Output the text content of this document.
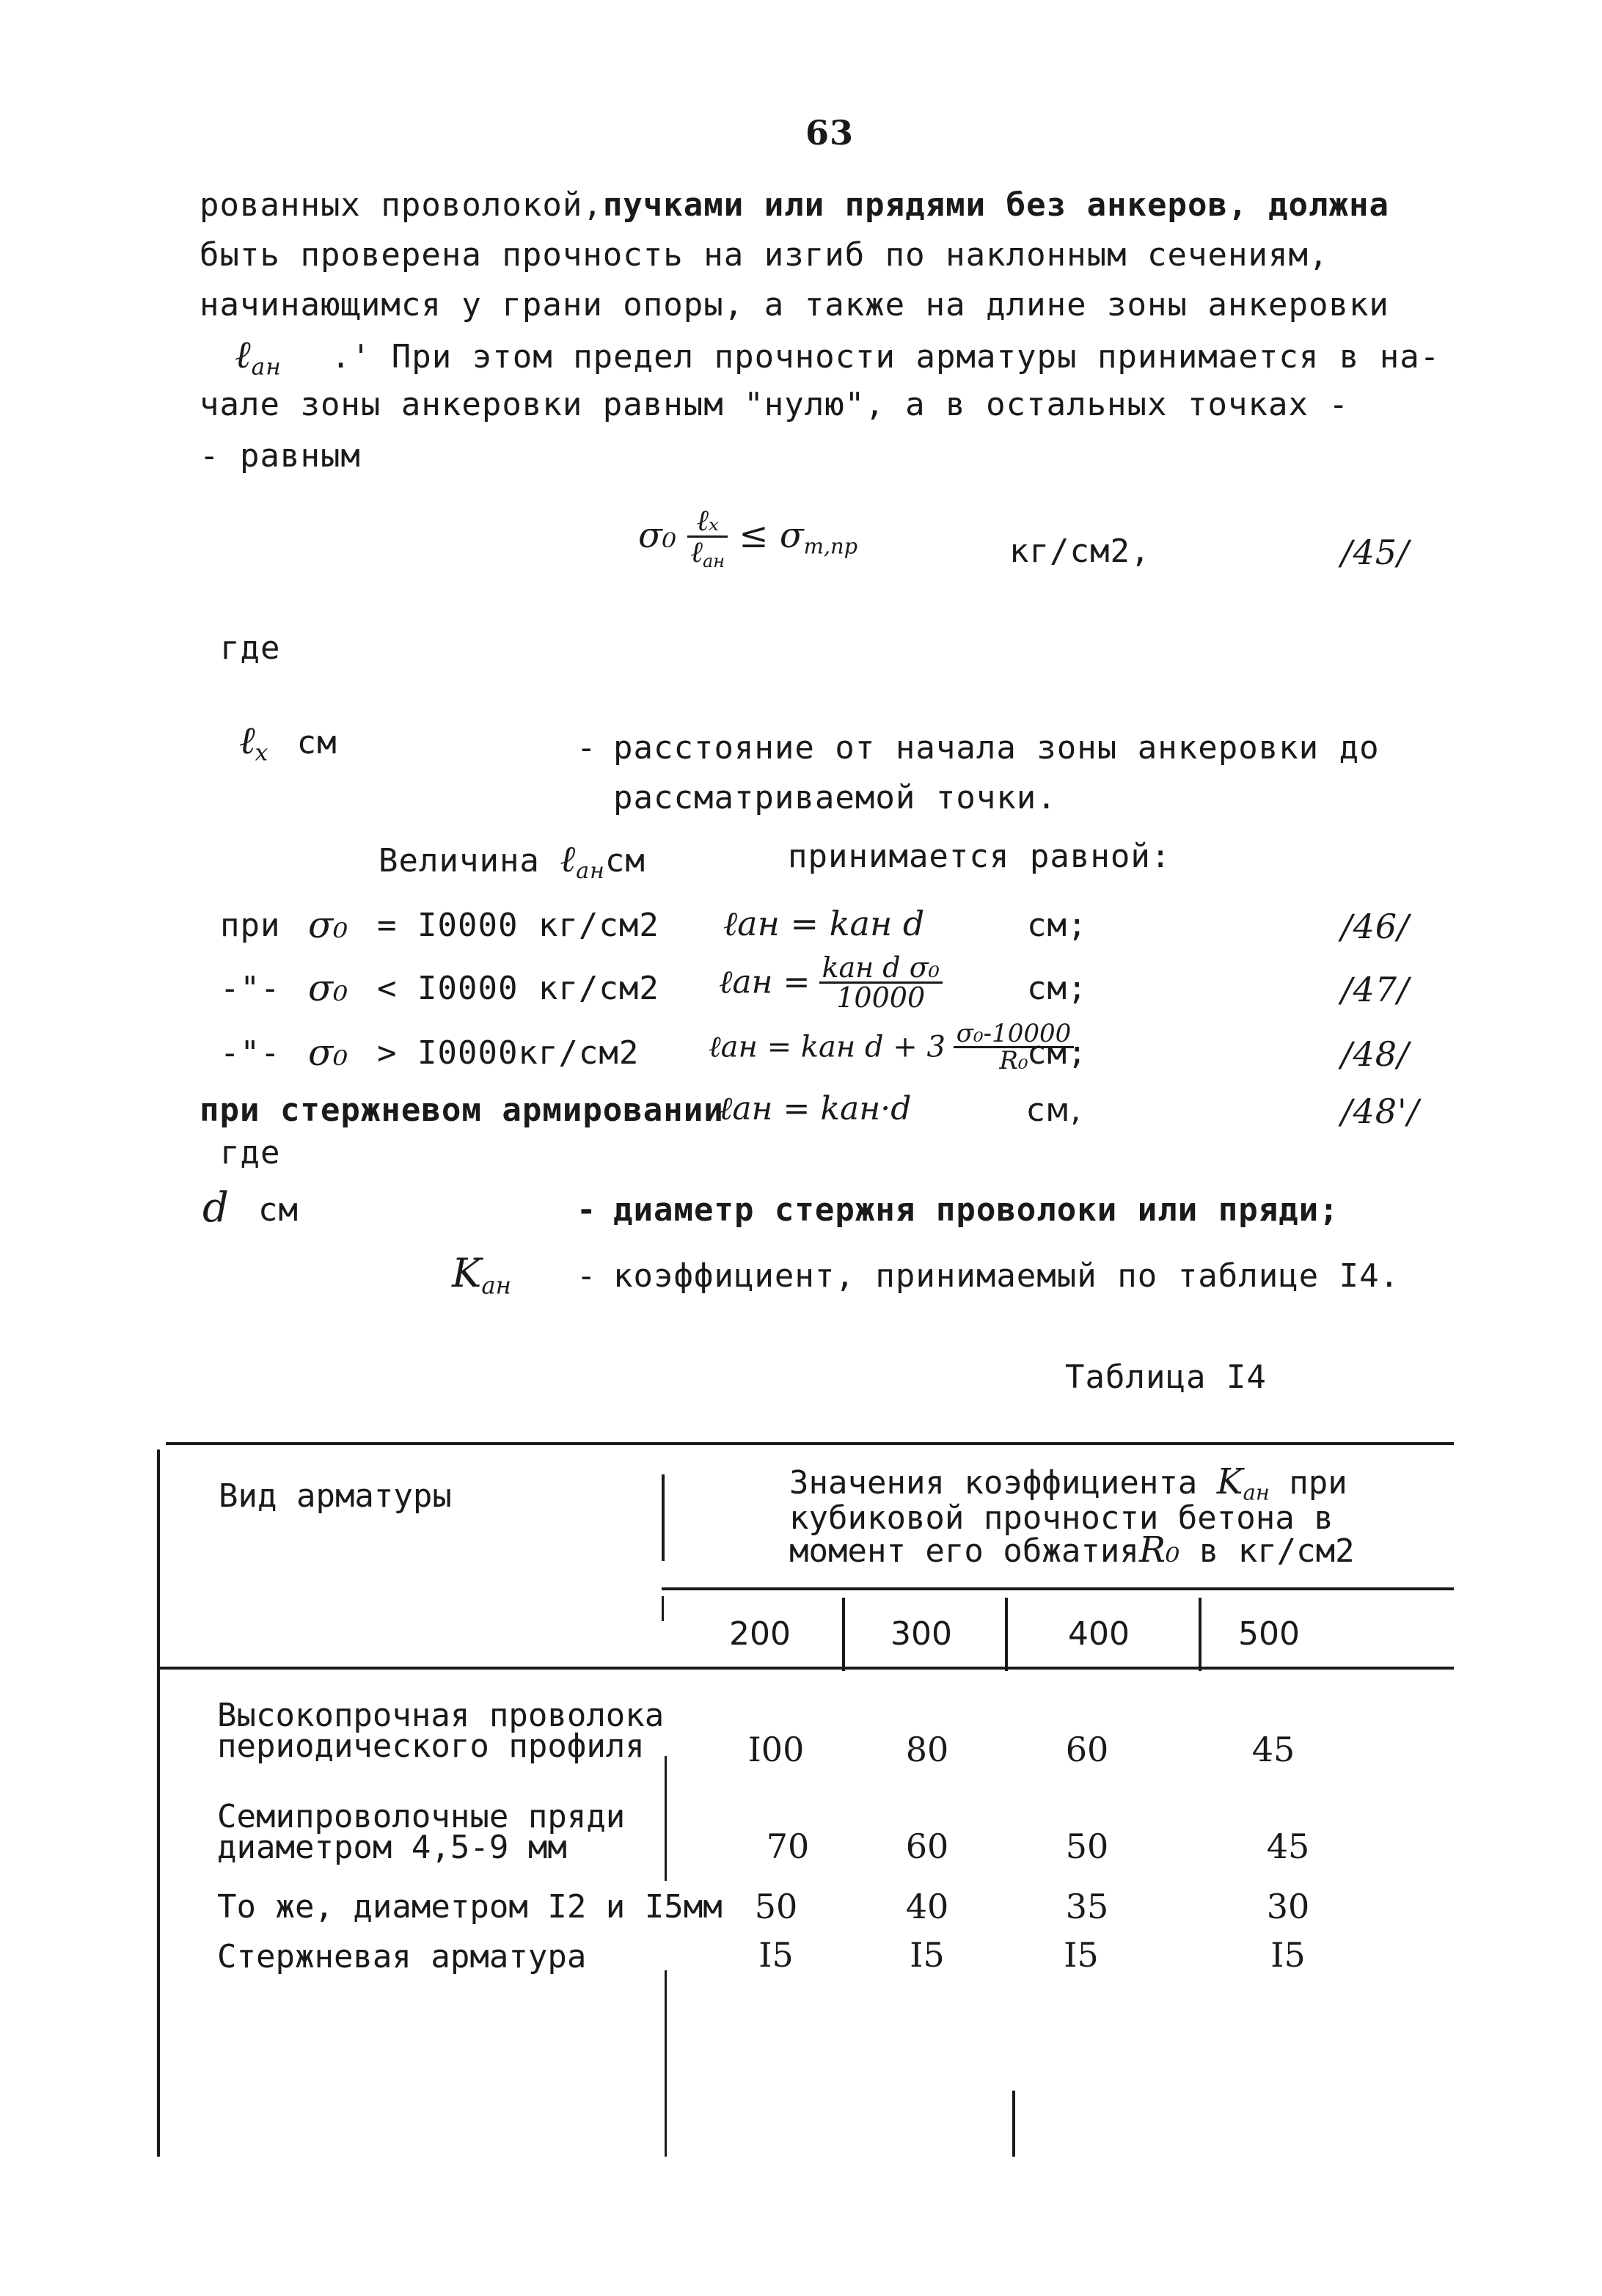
63
рованных проволокой,пучками или прядями без анкеров, должна
быть проверена прочность на изгиб по наклонным сечениям,
начинающимся у грани опоры, а также на длине зоны анкеровки
ℓ$_{ан}$ .' При этом предел прочности арматуры принимается в на-
чале зоны анкеровки равным "нулю", а в остальных точках -
- равным
$\sigma_0 \frac{\text{ℓₓ}}{\ell_{ан}} \le \sigma_{т,пр}$	кг/см2,	/45/
где
ℓ$_x$ см	- расстояние от начала зоны анкеровки до
рассматриваемой точки.
Величина ℓ$_{ан}$см	принимается равной:
при σ₀ = I0000 кг/см2 ℓан = kан d	см;	/46/
-"- σ₀ < I0000 кг/см2 ℓан = $\frac{\text{kан d σ₀}}{10000}$	см;	/47/
-"- σ₀ > I0000кг/см2 ℓан = kан $d + 3 \frac{\text{σ₀-10000}}{\text{R₀}}$
см;	/48/
при стержневом армировании
ℓан = kан·d	см,	/48'/
где
d см	- диаметр стержня проволоки или пряди;
$K_{ан}$ - коэффициент, принимаемый по таблице I4.
Таблица I4
Вид арматуры	Значения коэффициента $K_{ан}$ при
кубиковой прочности бетона в
момент его обжатияR₀ в кг/см2
200	300	400	500
Высокопрочная проволока
периодического профиля	I00	80	60	45
Семипроволочные пряди
диаметром 4,5-9 мм	70	60	50	45
То же, диаметром I2 и I5мм 50	40	35	30
Стержневая арматура	I5	I5	I5	I5
